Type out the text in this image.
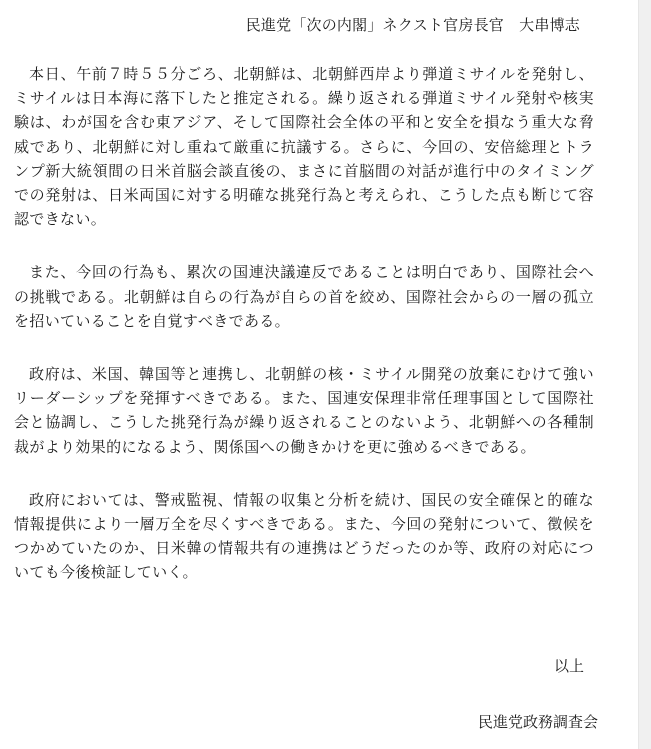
民進党「次の内閣」ネクスト官房長官　大串博志

本日、午前７時５５分ごろ、北朝鮮は、北朝鮮西岸より弾道ミサイルを発射し、ミサイルは日本海に落下したと推定される。繰り返される弾道ミサイル発射や核実験は、わが国を含む東アジア、そして国際社会全体の平和と安全を損なう重大な脅威であり、北朝鮮に対し重ねて厳重に抗議する。さらに、今回の、安倍総理とトランプ新大統領間の日米首脳会談直後の、まさに首脳間の対話が進行中のタイミングでの発射は、日米両国に対する明確な挑発行為と考えられ、こうした点も断じて容認できない。

また、今回の行為も、累次の国連決議違反であることは明白であり、国際社会への挑戦である。北朝鮮は自らの行為が自らの首を絞め、国際社会からの一層の孤立を招いていることを自覚すべきである。

政府は、米国、韓国等と連携し、北朝鮮の核・ミサイル開発の放棄にむけて強いリーダーシップを発揮すべきである。また、国連安保理非常任理事国として国際社会と協調し、こうした挑発行為が繰り返されることのないよう、北朝鮮への各種制裁がより効果的になるよう、関係国への働きかけを更に強めるべきである。

政府においては、警戒監視、情報の収集と分析を続け、国民の安全確保と的確な情報提供により一層万全を尽くすべきである。また、今回の発射について、徴候をつかめていたのか、日米韓の情報共有の連携はどうだったのか等、政府の対応についても今後検証していく。

以上
民進党政務調査会
